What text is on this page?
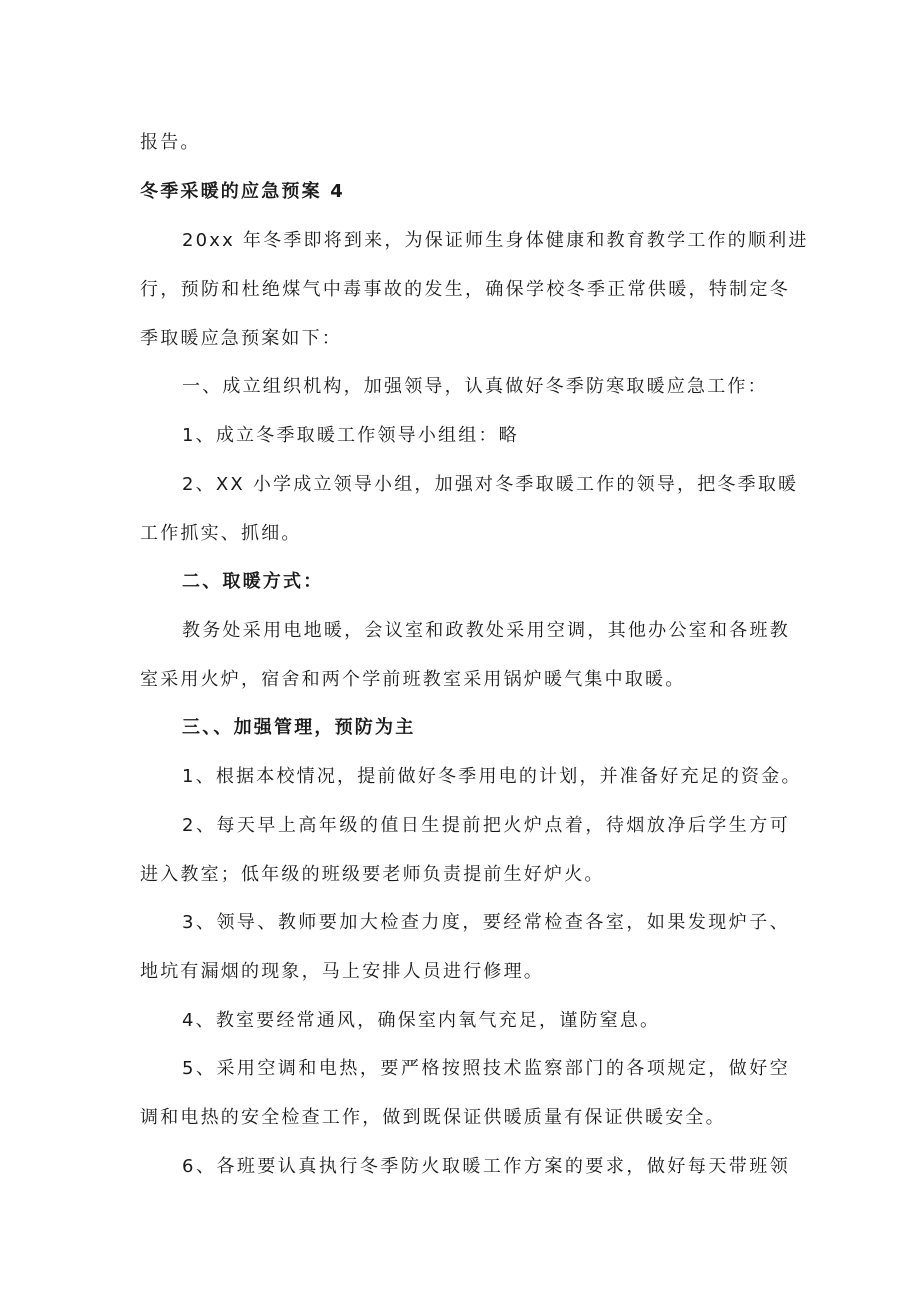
报告。
冬季采暖的应急预案 4
20xx 年冬季即将到来，为保证师生身体健康和教育教学工作的顺利进
行，预防和杜绝煤气中毒事故的发生，确保学校冬季正常供暖，特制定冬
季取暖应急预案如下：
一、成立组织机构，加强领导，认真做好冬季防寒取暖应急工作：
1、成立冬季取暖工作领导小组组：略
2、XX 小学成立领导小组，加强对冬季取暖工作的领导，把冬季取暖
工作抓实、抓细。
二、取暖方式：
教务处采用电地暖，会议室和政教处采用空调，其他办公室和各班教
室采用火炉，宿舍和两个学前班教室采用锅炉暖气集中取暖。
三、、加强管理，预防为主
1、根据本校情况，提前做好冬季用电的计划，并准备好充足的资金。
2、每天早上高年级的值日生提前把火炉点着，待烟放净后学生方可
进入教室；低年级的班级要老师负责提前生好炉火。
3、领导、教师要加大检查力度，要经常检查各室，如果发现炉子、
地坑有漏烟的现象，马上安排人员进行修理。
4、教室要经常通风，确保室内氧气充足，谨防窒息。
5、采用空调和电热，要严格按照技术监察部门的各项规定，做好空
调和电热的安全检查工作，做到既保证供暖质量有保证供暖安全。
6、各班要认真执行冬季防火取暖工作方案的要求，做好每天带班领
